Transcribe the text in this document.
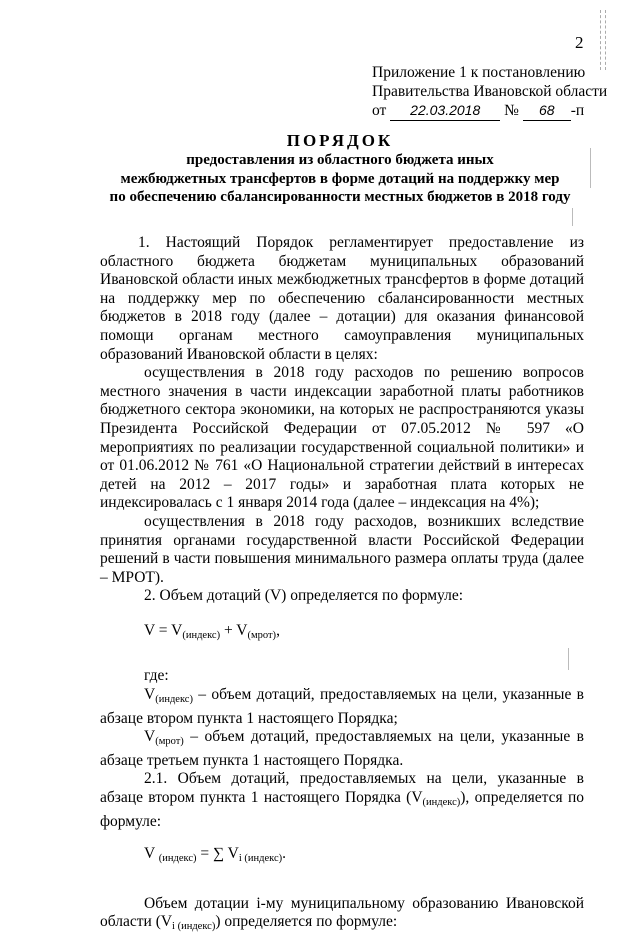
2
Приложение 1 к постановлению
Правительства Ивановской области
от 22.03.2018 № 68 -п
ПОРЯДОК
предоставления из областного бюджета иных
межбюджетных трансфертов в форме дотаций на поддержку мер
по обеспечению сбалансированности местных бюджетов в 2018 году

1. Настоящий Порядок регламентирует предоставление из областного бюджета бюджетам муниципальных образований Ивановской области иных межбюджетных трансфертов в форме дотаций на поддержку мер по обеспечению сбалансированности местных бюджетов в 2018 году (далее – дотации) для оказания финансовой помощи органам местного самоуправления муниципальных образований Ивановской области в целях:

осуществления в 2018 году расходов по решению вопросов местного значения в части индексации заработной платы работников бюджетного сектора экономики, на которых не распространяются указы Президента Российской Федерации от 07.05.2012 № 597 «О мероприятиях по реализации государственной социальной политики» и от 01.06.2012 № 761 «О Национальной стратегии действий в интересах детей на 2012 – 2017 годы» и заработная плата которых не индексировалась с 1 января 2014 года (далее – индексация на 4%);

осуществления в 2018 году расходов, возникших вследствие принятия органами государственной власти Российской Федерации решений в части повышения минимального размера оплаты труда (далее – МРОТ).

2. Объем дотаций (V) определяется по формуле:

$V = V_{(индекс)} + V_{(мрот)}$,

где:

$V_{(индекс)}$ – объем дотаций, предоставляемых на цели, указанные в абзаце втором пункта 1 настоящего Порядка;

$V_{(мрот)}$ – объем дотаций, предоставляемых на цели, указанные в абзаце третьем пункта 1 настоящего Порядка.

2.1. Объем дотаций, предоставляемых на цели, указанные в абзаце втором пункта 1 настоящего Порядка $(V_{(индекс)})$, определяется по формуле:

V $_{(индекс)}$ = ∑ $V_{i (индекс)}$.

Объем дотации i-му муниципальному образованию Ивановской области $(V_{i (индекс)})$ определяется по формуле:
